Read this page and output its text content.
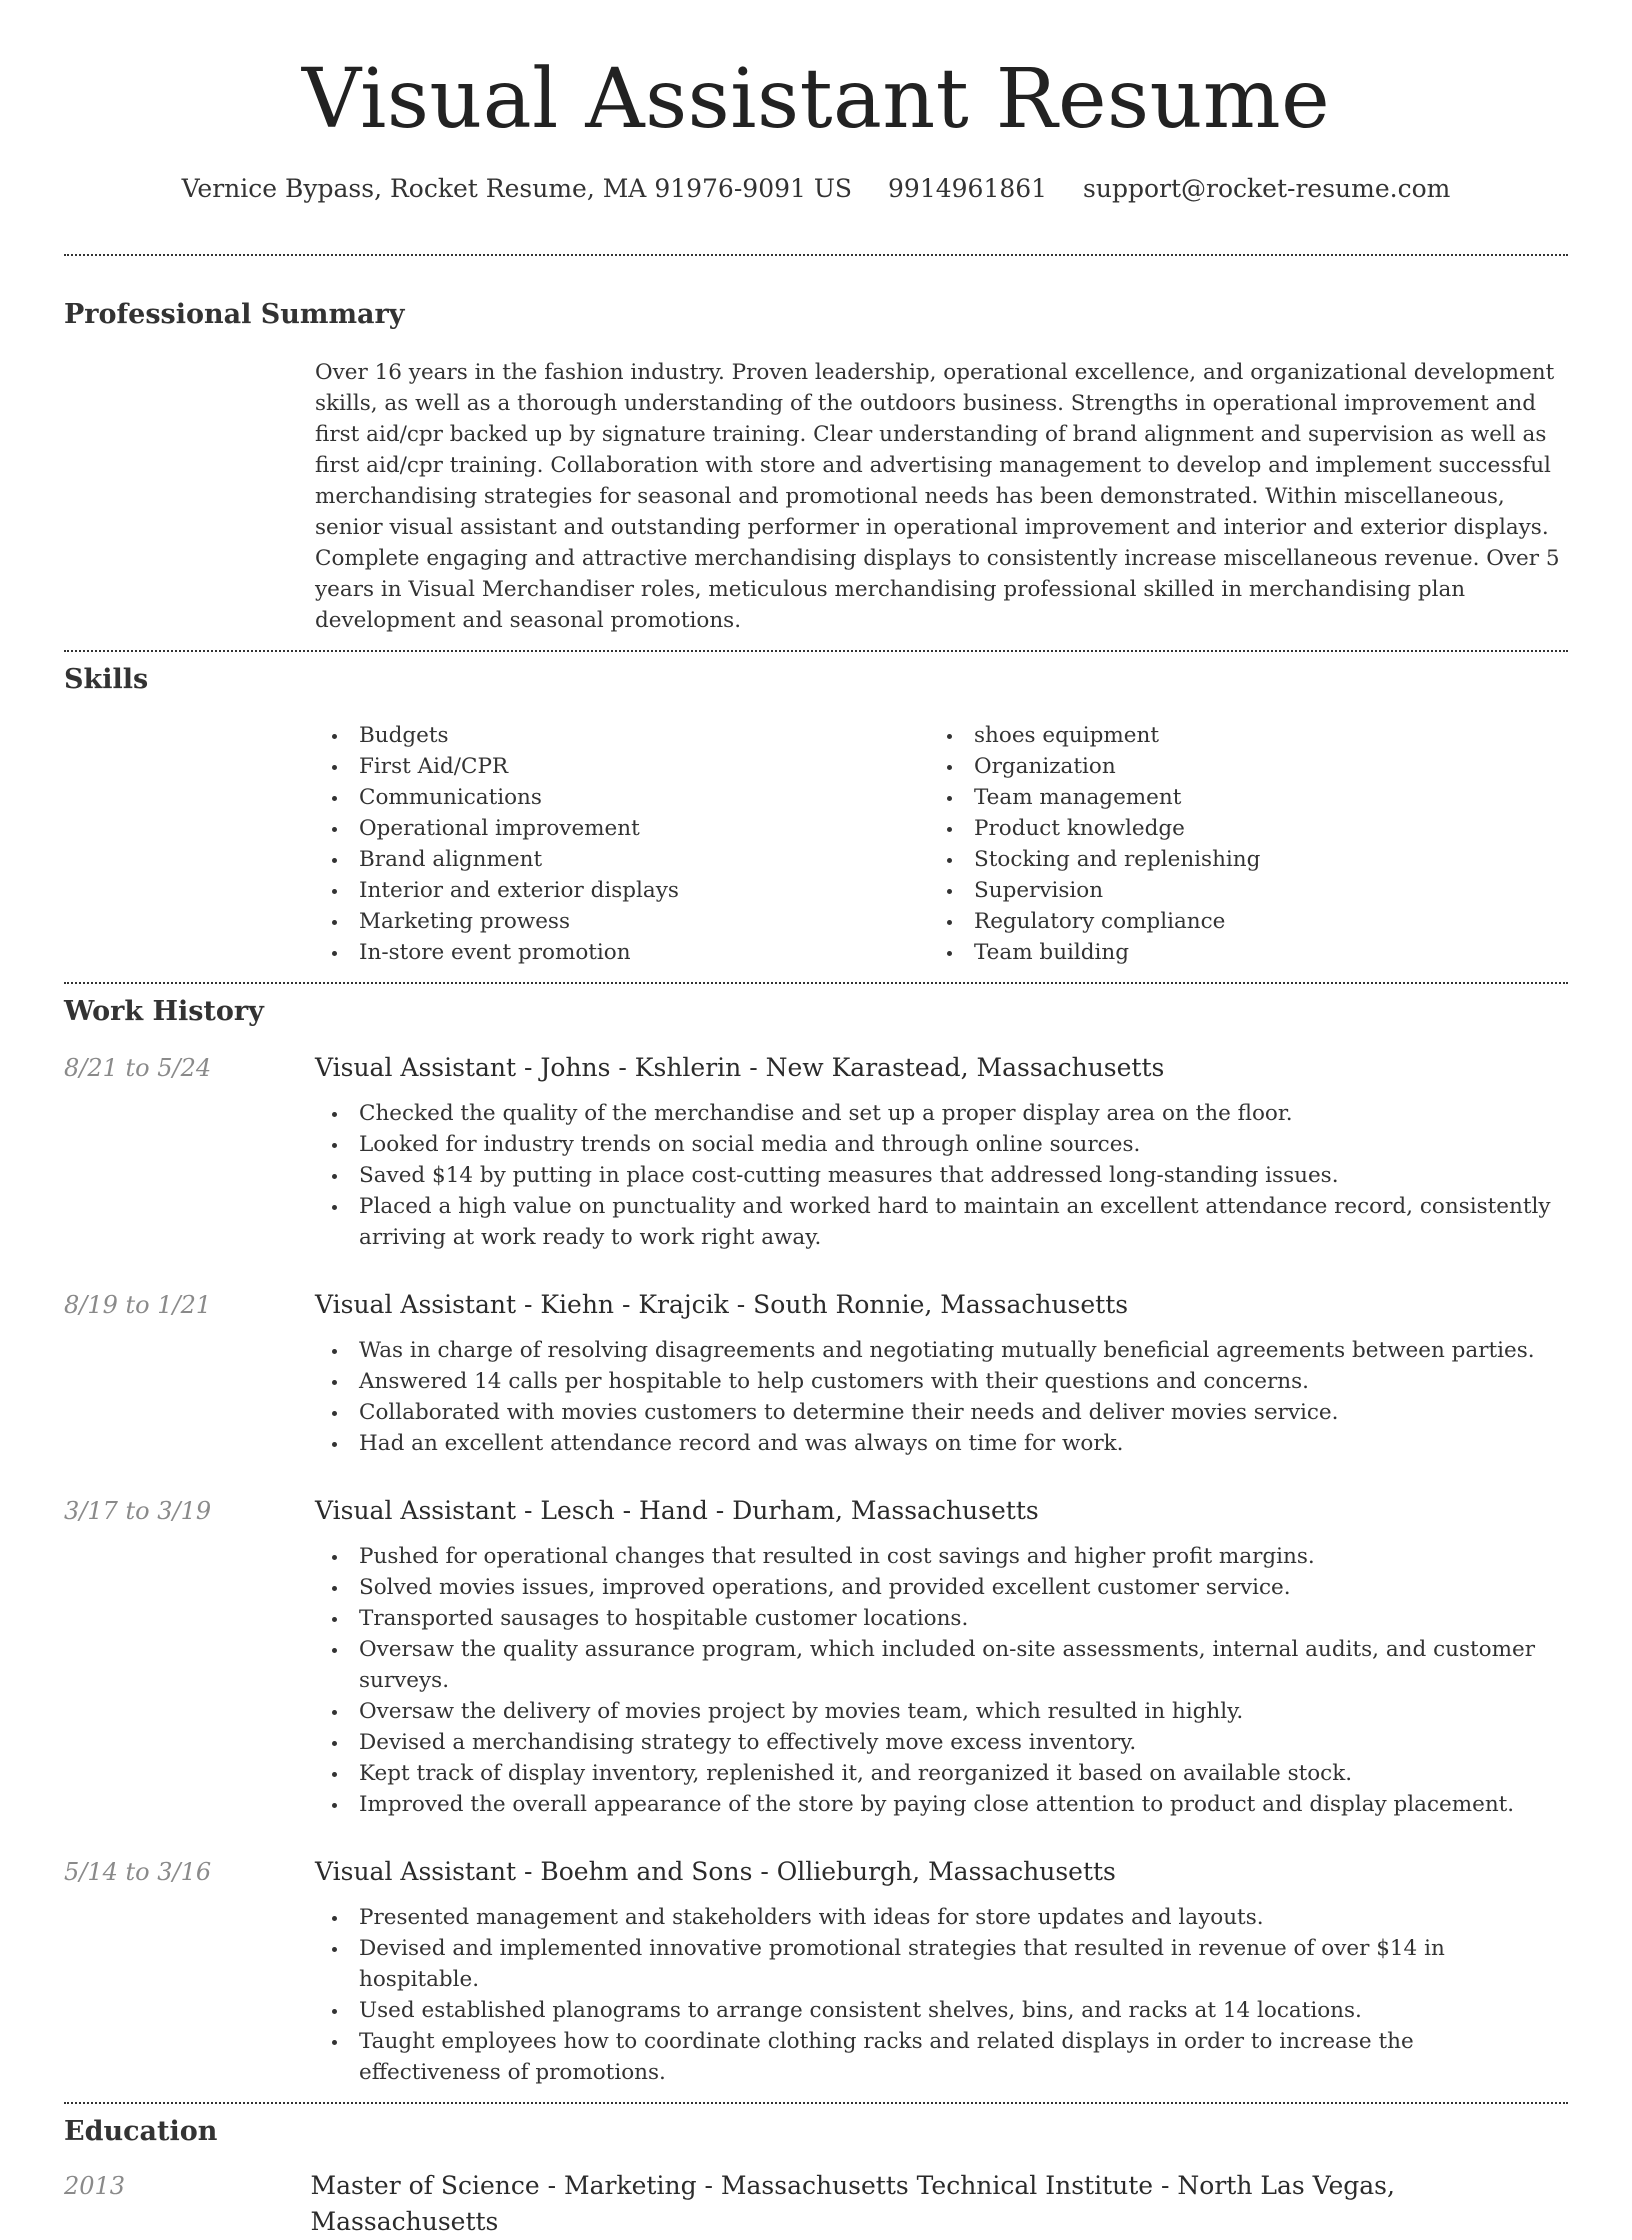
Visual Assistant Resume
Vernice Bypass, Rocket Resume, MA 91976-9091 US 9914961861 support@rocket-resume.com
Professional Summary

Over 16 years in the fashion industry. Proven leadership, operational excellence, and organizational development skills, as well as a thorough understanding of the outdoors business. Strengths in operational improvement and first aid/cpr backed up by signature training. Clear understanding of brand alignment and supervision as well as first aid/cpr training. Collaboration with store and advertising management to develop and implement successful merchandising strategies for seasonal and promotional needs has been demonstrated. Within miscellaneous, senior visual assistant and outstanding performer in operational improvement and interior and exterior displays. Complete engaging and attractive merchandising displays to consistently increase miscellaneous revenue. Over 5 years in Visual Merchandiser roles, meticulous merchandising professional skilled in merchandising plan development and seasonal promotions.

Skills
Budgets
First Aid/CPR
Communications
Operational improvement
Brand alignment
Interior and exterior displays
Marketing prowess
In-store event promotion
shoes equipment
Organization
Team management
Product knowledge
Stocking and replenishing
Supervision
Regulatory compliance
Team building
Work History
8/21 to 5/24	Visual Assistant - Johns - Kshlerin - New Karastead, Massachusetts
Checked the quality of the merchandise and set up a proper display area on the floor.
Looked for industry trends on social media and through online sources.
Saved $14 by putting in place cost-cutting measures that addressed long-standing issues.
Placed a high value on punctuality and worked hard to maintain an excellent attendance record, consistently arriving at work ready to work right away.
8/19 to 1/21	Visual Assistant - Kiehn - Krajcik - South Ronnie, Massachusetts
Was in charge of resolving disagreements and negotiating mutually beneficial agreements between parties.
Answered 14 calls per hospitable to help customers with their questions and concerns.
Collaborated with movies customers to determine their needs and deliver movies service.
Had an excellent attendance record and was always on time for work.
3/17 to 3/19	Visual Assistant - Lesch - Hand - Durham, Massachusetts
Pushed for operational changes that resulted in cost savings and higher profit margins.
Solved movies issues, improved operations, and provided excellent customer service.
Transported sausages to hospitable customer locations.
Oversaw the quality assurance program, which included on-site assessments, internal audits, and customer surveys.
Oversaw the delivery of movies project by movies team, which resulted in highly.
Devised a merchandising strategy to effectively move excess inventory.
Kept track of display inventory, replenished it, and reorganized it based on available stock.
Improved the overall appearance of the store by paying close attention to product and display placement.
5/14 to 3/16	Visual Assistant - Boehm and Sons - Ollieburgh, Massachusetts
Presented management and stakeholders with ideas for store updates and layouts.
Devised and implemented innovative promotional strategies that resulted in revenue of over $14 in hospitable.
Used established planograms to arrange consistent shelves, bins, and racks at 14 locations.
Taught employees how to coordinate clothing racks and related displays in order to increase the effectiveness of promotions.
Education
2013	Master of Science - Marketing - Massachusetts Technical Institute - North Las Vegas, Massachusetts
